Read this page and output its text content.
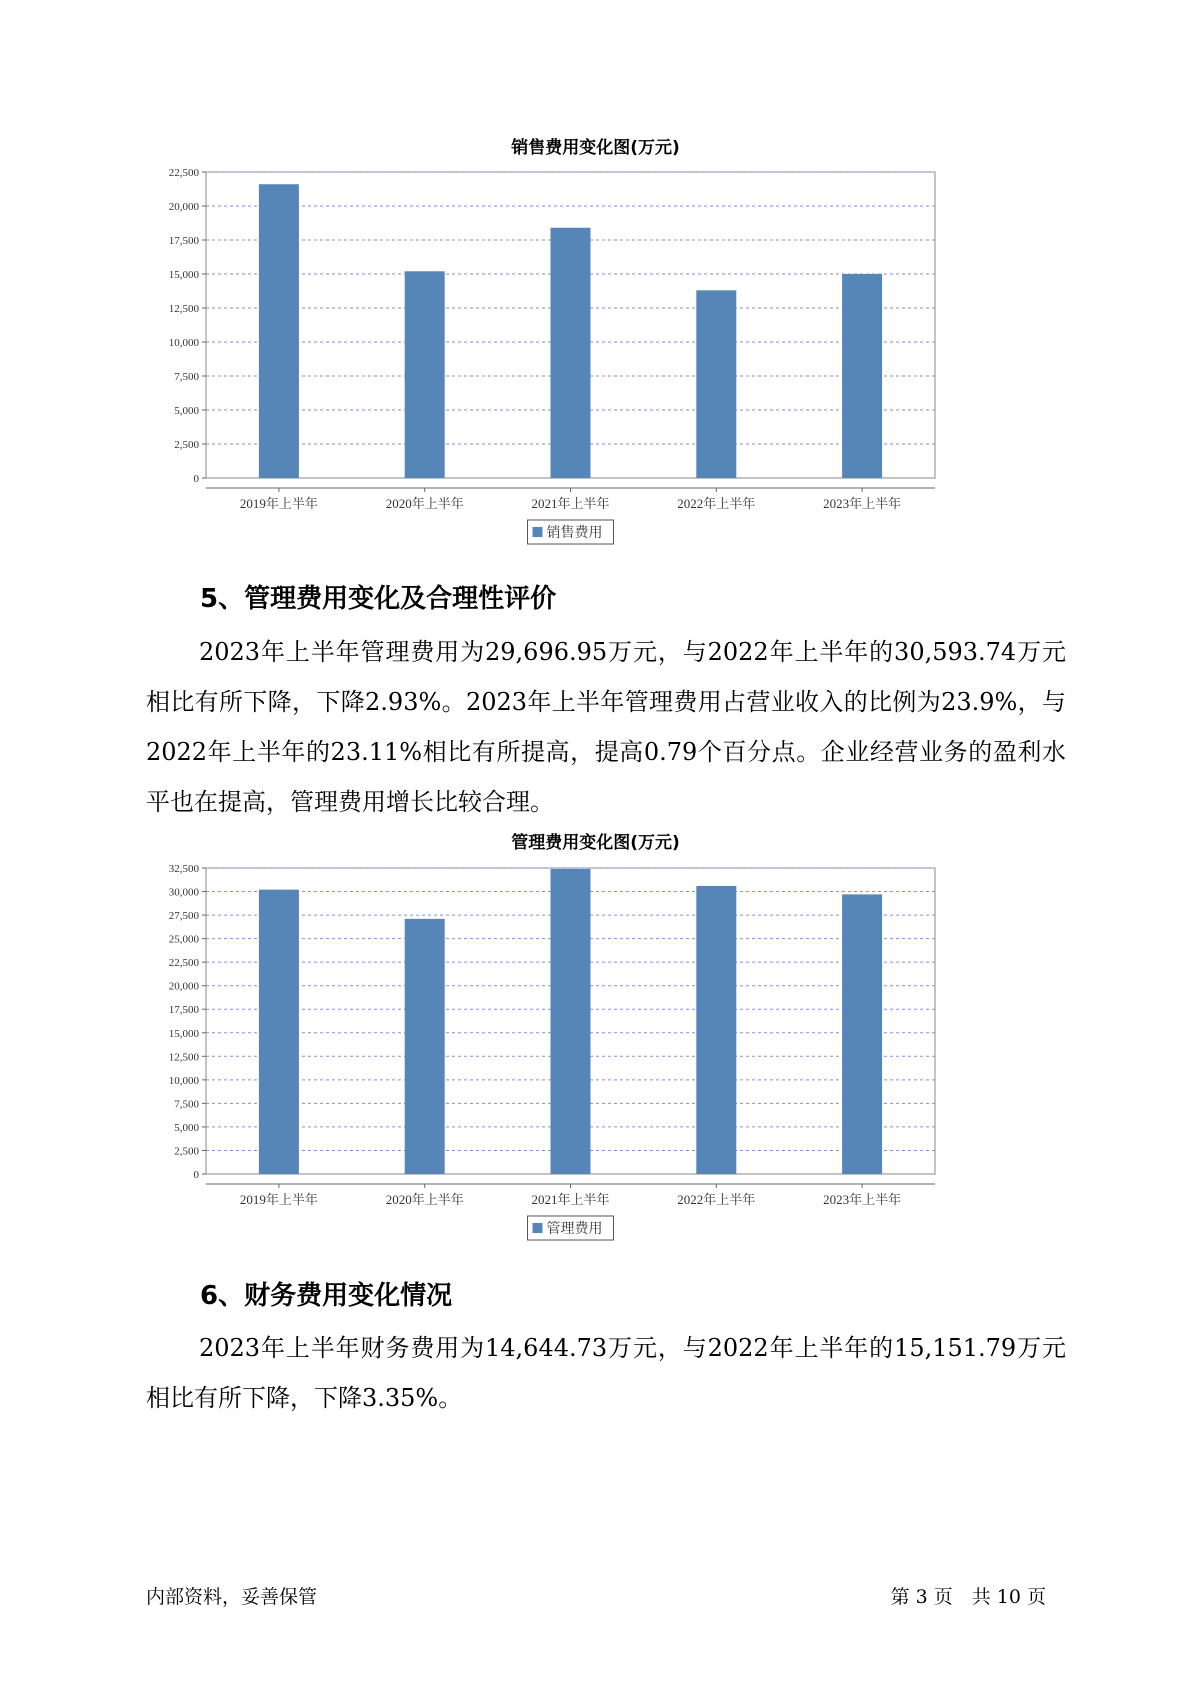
销售费用变化图(万元)
0
2,500
5,000
7,500
10,000
12,500
15,000
17,500
20,000
22,500
2019年上半年	2020年上半年	2021年上半年	2022年上半年	2023年上半年
销售费用
5、管理费用变化及合理性评价

2023年上半年管理费用为29,696.95万元，与2022年上半年的30,593.74万元相比有所下降，下降2.93%。2023年上半年管理费用占营业收入的比例为23.9%，与2022年上半年的23.11%相比有所提高，提高0.79个百分点。企业经营业务的盈利水平也在提高，管理费用增长比较合理。

管理费用变化图(万元)
0
2,500
5,000
7,500
10,000
12,500
15,000
17,500
20,000
22,500
25,000
27,500
30,000
32,500
2019年上半年	2020年上半年	2021年上半年	2022年上半年	2023年上半年
管理费用
6、财务费用变化情况

2023年上半年财务费用为14,644.73万元，与2022年上半年的15,151.79万元相比有所下降，下降3.35%。

内部资料，妥善保管	第 3 页　共 10 页
